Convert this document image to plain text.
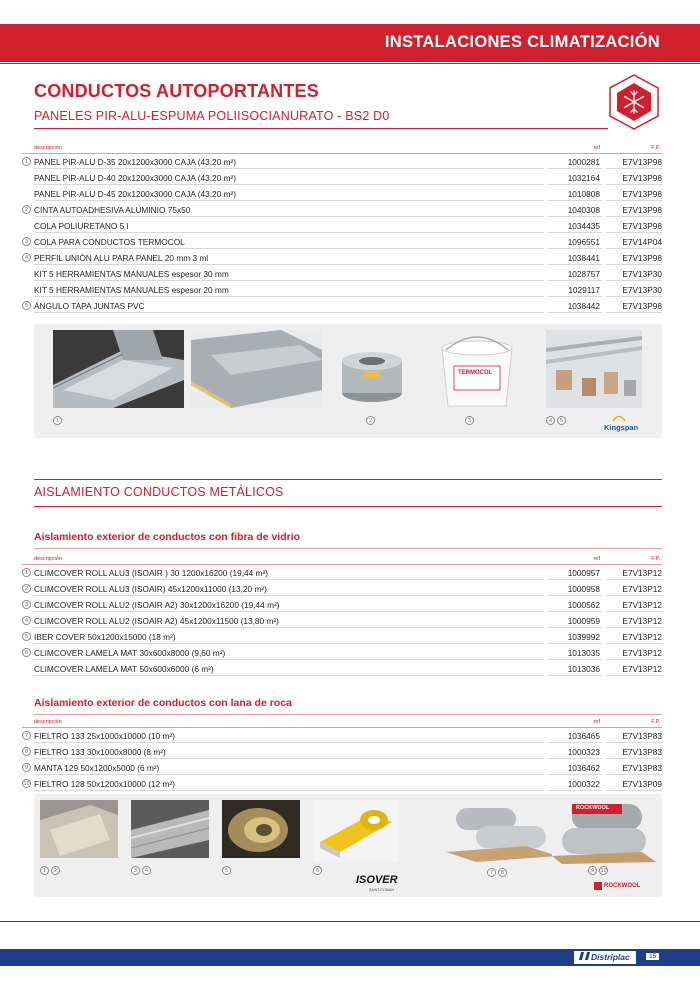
INSTALACIONES CLIMATIZACIÓN
CONDUCTOS AUTOPORTANTES
PANELES PIR-ALU-ESPUMA POLIISOCIANURATO - BS2 D0
descripción	ref	F.P.
1 PANEL PIR-ALU D-35 20x1200x3000 CAJA (43,20 m²)	1000281	E7V13P98
PANEL PIR-ALU D-40 20x1200x3000 CAJA (43,20 m²)	1032164	E7V13P98
PANEL PIR-ALU D-45 20x1200x3000 CAJA (43,20 m²)	1010808	E7V13P98
2 CINTA AUTOADHESIVA ALUMINIO 75x50	1040308	E7V13P98
COLA POLIURETANO 5 l	1034435	E7V13P98
3 COLA PARA CONDUCTOS TERMOCOL	1096551	E7V14P04
4 PERFIL UNIÓN ALU PARA PANEL 20 mm 3 ml	1038441	E7V13P98
KIT 5 HERRAMIENTAS MANUALES espesor 30 mm	1028757	E7V13P30
KIT 5 HERRAMIENTAS MANUALES espesor 20 mm	1029117	E7V13P30
5 ÁNGULO TAPA JUNTAS PVC	1038442	E7V13P98
TERMOCOL
1	2	3	4	5
Kingspan
AISLAMIENTO CONDUCTOS METÁLICOS
Aislamiento exterior de conductos con fibra de vidrio
descripción	ref	F.P.
1 CLIMCOVER ROLL ALU3 (ISOAIR ) 30 1200x16200 (19,44 m²)	1000957	E7V13P12
2 CLIMCOVER ROLL ALU3 (ISOAIR) 45x1200x11000 (13,20 m²)	1000958	E7V13P12
3 CLIMCOVER ROLL ALU2 (ISOAIR A2) 30x1200x16200 (19,44 m²)	1000562	E7V13P12
4 CLIMCOVER ROLL ALU2 (ISOAIR A2) 45x1200x11500 (13,80 m²)	1000959	E7V13P12
5 IBER COVER 50x1200x15000 (18 m²)	1039992	E7V13P12
6 CLIMCOVER LAMELA MAT 30x600x8000 (9,60 m²)	1013035	E7V13P12
CLIMCOVER LAMELA MAT 50x600x6000 (6 m²)	1013036	E7V13P12
Aislamiento exterior de conductos con lana de roca
descripción	ref	F.P.
7 FIELTRO 133 25x1000x10000 (10 m²)	1036465	E7V13P83
8 FIELTRO 133 30x1000x8000 (8 m²)	1000323	E7V13P83
9 MANTA 129 50x1200x5000 (6 m²)	1036462	E7V13P83
10 FIELTRO 128 50x1200x10000 (12 m²)	1000322	E7V13P09
ROCKWOOL
1	2	3	4	5	6	7	8	9	10
ISOVER
SAINT-GOBAIN
ROCKWOOL
Distriplac	15
